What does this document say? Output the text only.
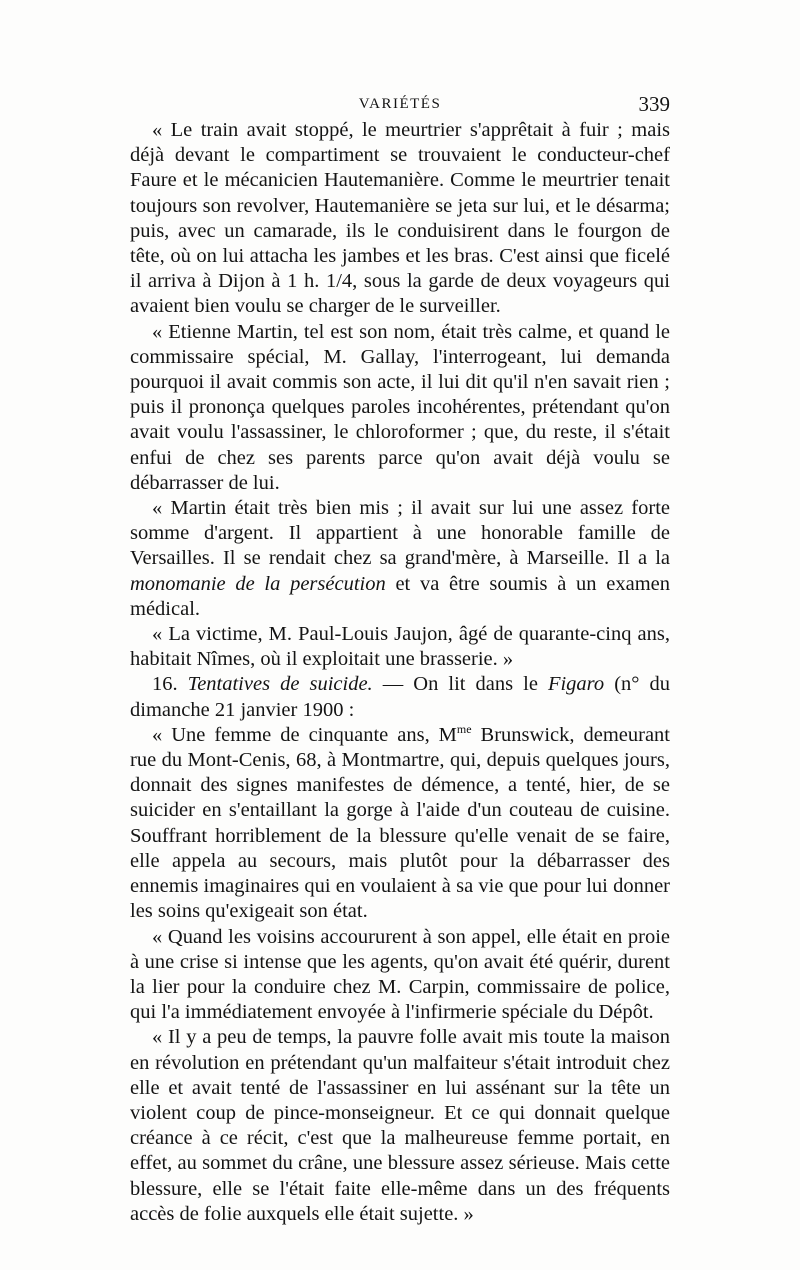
VARIÉTÉS	339

« Le train avait stoppé, le meurtrier s'apprêtait à fuir ; mais déjà devant le compartiment se trouvaient le conducteur-chef Faure et le mécanicien Hautemanière. Comme le meurtrier tenait toujours son revolver, Hautemanière se jeta sur lui, et le désarma; puis, avec un camarade, ils le conduisirent dans le fourgon de tête, où on lui attacha les jambes et les bras. C'est ainsi que ficelé il arriva à Dijon à 1 h. 1/4, sous la garde de deux voyageurs qui avaient bien voulu se charger de le surveiller.

« Etienne Martin, tel est son nom, était très calme, et quand le commissaire spécial, M. Gallay, l'interrogeant, lui demanda pourquoi il avait commis son acte, il lui dit qu'il n'en savait rien ; puis il prononça quelques paroles incohérentes, prétendant qu'on avait voulu l'assassiner, le chloroformer ; que, du reste, il s'était enfui de chez ses parents parce qu'on avait déjà voulu se débarrasser de lui.

« Martin était très bien mis ; il avait sur lui une assez forte somme d'argent. Il appartient à une honorable famille de Versailles. Il se rendait chez sa grand'mère, à Marseille. Il a la monomanie de la persécution et va être soumis à un examen médical.

« La victime, M. Paul-Louis Jaujon, âgé de quarante-cinq ans, habitait Nîmes, où il exploitait une brasserie. »

16. Tentatives de suicide. — On lit dans le Figaro (n° du dimanche 21 janvier 1900 :

« Une femme de cinquante ans, $M^{me}$ Brunswick, demeurant rue du Mont-Cenis, 68, à Montmartre, qui, depuis quelques jours, donnait des signes manifestes de démence, a tenté, hier, de se suicider en s'entaillant la gorge à l'aide d'un couteau de cuisine. Souffrant horriblement de la blessure qu'elle venait de se faire, elle appela au secours, mais plutôt pour la débarrasser des ennemis imaginaires qui en voulaient à sa vie que pour lui donner les soins qu'exigeait son état.

« Quand les voisins accoururent à son appel, elle était en proie à une crise si intense que les agents, qu'on avait été quérir, durent la lier pour la conduire chez M. Carpin, commissaire de police, qui l'a immédiatement envoyée à l'infirmerie spéciale du Dépôt.

« Il y a peu de temps, la pauvre folle avait mis toute la maison en révolution en prétendant qu'un malfaiteur s'était introduit chez elle et avait tenté de l'assassiner en lui assénant sur la tête un violent coup de pince-monseigneur. Et ce qui donnait quelque créance à ce récit, c'est que la malheureuse femme portait, en effet, au sommet du crâne, une blessure assez sérieuse. Mais cette blessure, elle se l'était faite elle-même dans un des fréquents accès de folie auxquels elle était sujette. »
